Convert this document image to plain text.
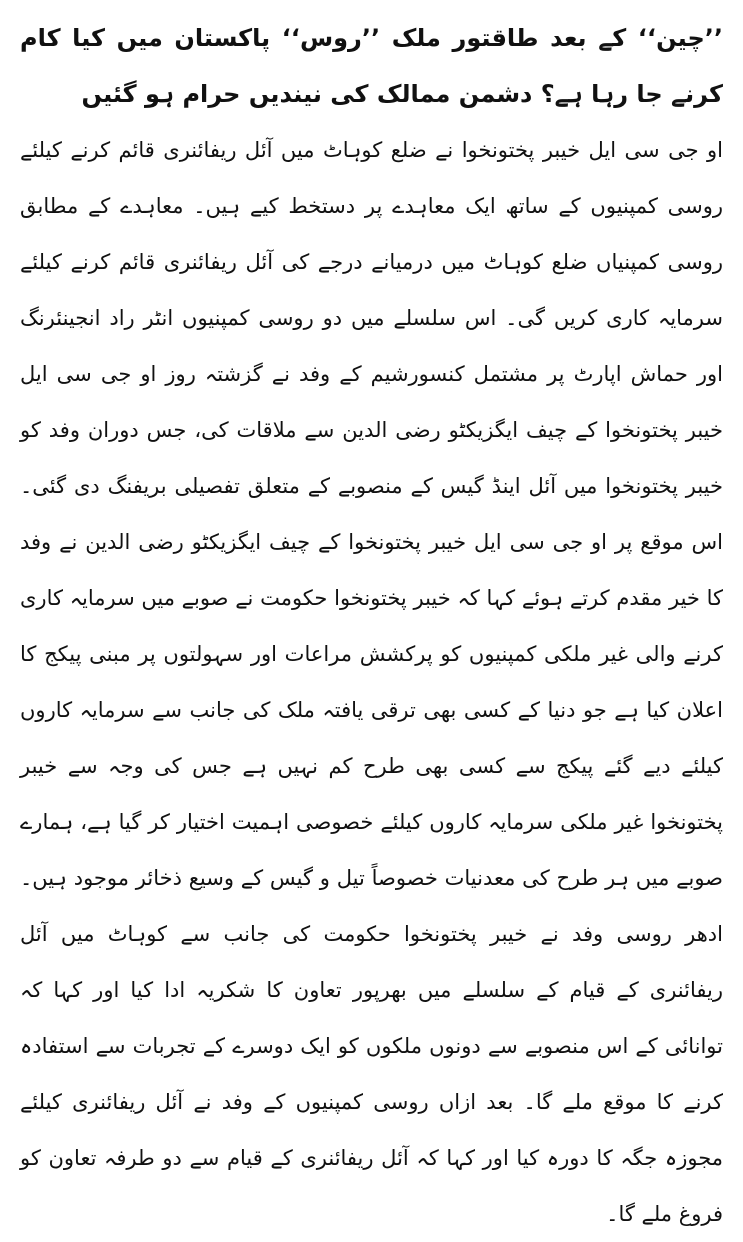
’’چین‘‘ کے بعد طاقتور ملک ’’روس‘‘ پاکستان میں کیا کام کرنے جا رہا ہے؟ دشمن ممالک کی نیندیں حرام ہو گئیں

او جی سی ایل خیبر پختونخوا نے ضلع کوہاٹ میں آئل ریفائنری قائم کرنے کیلئے روسی کمپنیوں کے ساتھ ایک معاہدے پر دستخط کیے ہیں۔ معاہدے کے مطابق روسی کمپنیاں ضلع کوہاٹ میں درمیانے درجے کی آئل ریفائنری قائم کرنے کیلئے سرمایہ کاری کریں گی۔ اس سلسلے میں دو روسی کمپنیوں انٹر راد انجینئرنگ اور حماش اپارٹ پر مشتمل کنسورشیم کے وفد نے گزشتہ روز او جی سی ایل خیبر پختونخوا کے چیف ایگزیکٹو رضی الدین سے ملاقات کی، جس دوران وفد کو خیبر پختونخوا میں آئل اینڈ گیس کے منصوبے کے متعلق تفصیلی بریفنگ دی گئی۔ اس موقع پر او جی سی ایل خیبر پختونخوا کے چیف ایگزیکٹو رضی الدین نے وفد کا خیر مقدم کرتے ہوئے کہا کہ خیبر پختونخوا حکومت نے صوبے میں سرمایہ کاری کرنے والی غیر ملکی کمپنیوں کو پرکشش مراعات اور سہولتوں پر مبنی پیکج کا اعلان کیا ہے جو دنیا کے کسی بھی ترقی یافتہ ملک کی جانب سے سرمایہ کاروں کیلئے دیے گئے پیکج سے کسی بھی طرح کم نہیں ہے جس کی وجہ سے خیبر پختونخوا غیر ملکی سرمایہ کاروں کیلئے خصوصی اہمیت اختیار کر گیا ہے، ہمارے صوبے میں ہر طرح کی معدنیات خصوصاً تیل و گیس کے وسیع ذخائر موجود ہیں۔ ادھر روسی وفد نے خیبر پختونخوا حکومت کی جانب سے کوہاٹ میں آئل ریفائنری کے قیام کے سلسلے میں بھرپور تعاون کا شکریہ ادا کیا اور کہا کہ توانائی کے اس منصوبے سے دونوں ملکوں کو ایک دوسرے کے تجربات سے استفادہ کرنے کا موقع ملے گا۔ بعد ازاں روسی کمپنیوں کے وفد نے آئل ریفائنری کیلئے مجوزہ جگہ کا دورہ کیا اور کہا کہ آئل ریفائنری کے قیام سے دو طرفہ تعاون کو فروغ ملے گا۔
